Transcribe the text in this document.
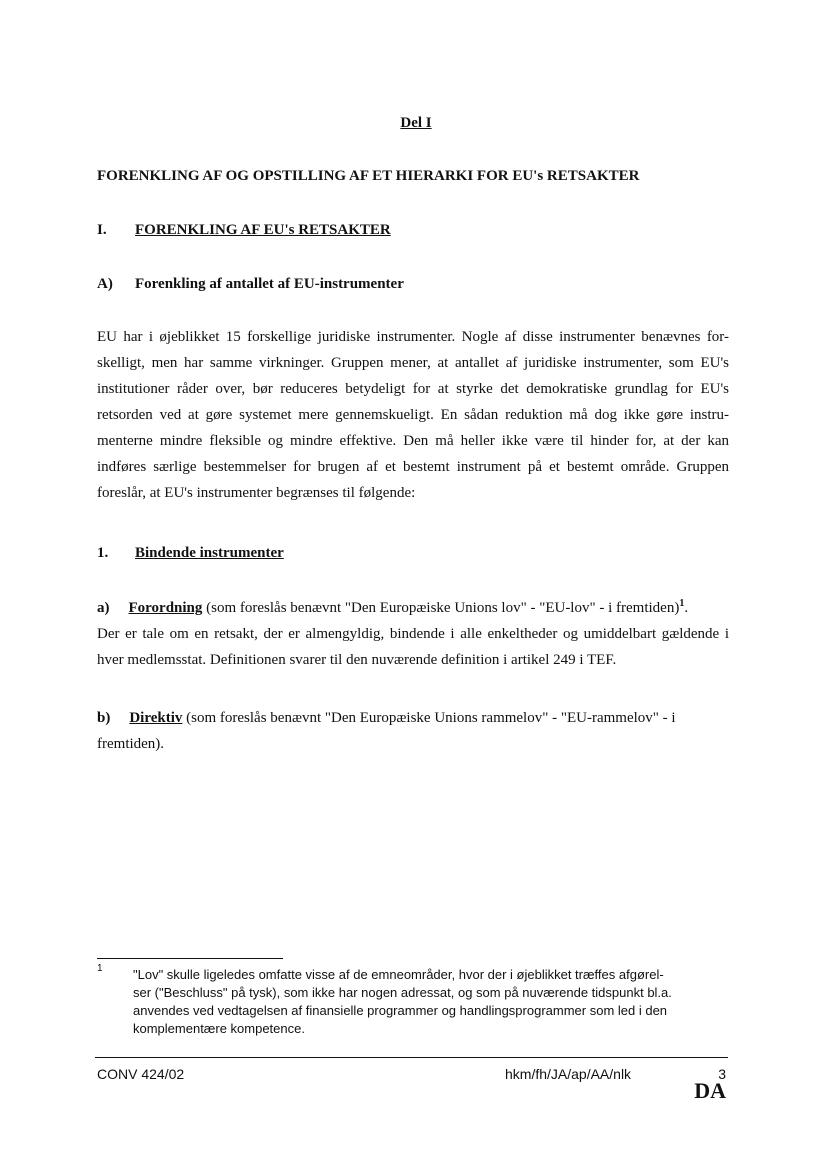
Del I
FORENKLING AF OG OPSTILLING AF ET HIERARKI FOR EU's RETSAKTER
I. FORENKLING AF EU's RETSAKTER
A) Forenkling af antallet af EU-instrumenter
EU har i øjeblikket 15 forskellige juridiske instrumenter. Nogle af disse instrumenter benævnes for-
skelligt, men har samme virkninger. Gruppen mener, at antallet af juridiske instrumenter, som EU's
institutioner råder over, bør reduceres betydeligt for at styrke det demokratiske grundlag for EU's
retsorden ved at gøre systemet mere gennemskueligt. En sådan reduktion må dog ikke gøre instru-
menterne mindre fleksible og mindre effektive. Den må heller ikke være til hinder for, at der kan
indføres særlige bestemmelser for brugen af et bestemt instrument på et bestemt område. Gruppen
foreslår, at EU's instrumenter begrænses til følgende:
1. Bindende instrumenter
a) Forordning (som foreslås benævnt "Den Europæiske Unions lov" - "EU-lov" - i fremtiden)$^1$.
Der er tale om en retsakt, der er almengyldig, bindende i alle enkeltheder og umiddelbart gældende i
hver medlemsstat. Definitionen svarer til den nuværende definition i artikel 249 i TEF.
b) Direktiv (som foreslås benævnt "Den Europæiske Unions rammelov" - "EU-rammelov" - i
fremtiden).
1 "Lov" skulle ligeledes omfatte visse af de emneområder, hvor der i øjeblikket træffes afgørel-
ser ("Beschluss" på tysk), som ikke har nogen adressat, og som på nuværende tidspunkt bl.a.
anvendes ved vedtagelsen af finansielle programmer og handlingsprogrammer som led i den
komplementære kompetence.
CONV 424/02	hkm/fh/JA/ap/AA/nlk	3
DA
